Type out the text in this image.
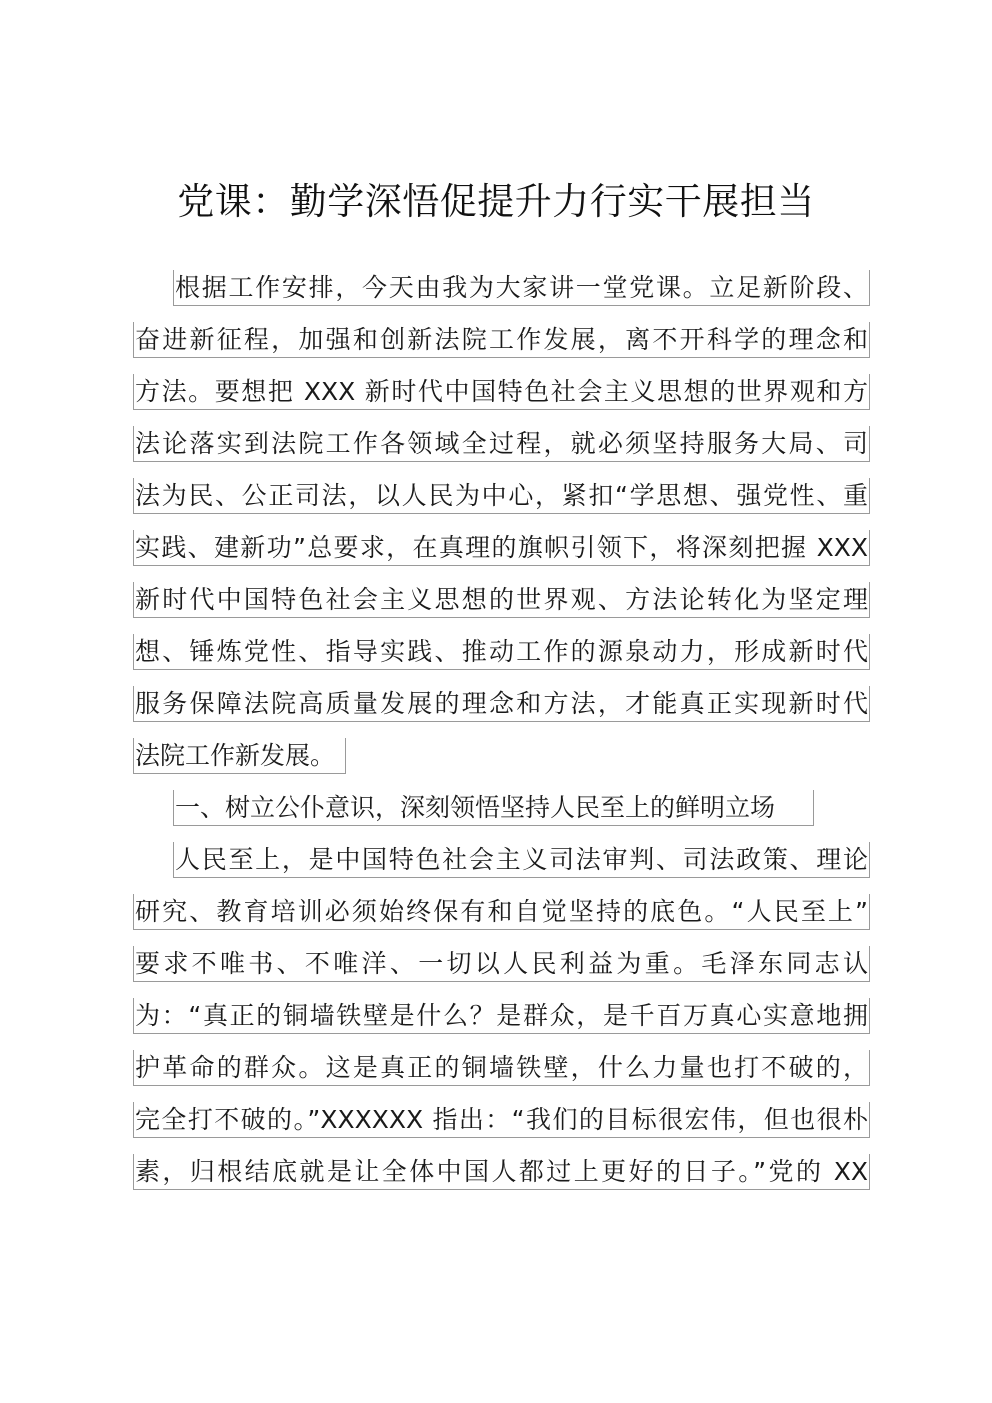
党课：勤学深悟促提升力行实干展担当
根据工作安排，今天由我为大家讲一堂党课。立足新阶段、
奋进新征程，加强和创新法院工作发展，离不开科学的理念和
方法。要想把 XXX 新时代中国特色社会主义思想的世界观和方
法论落实到法院工作各领域全过程，就必须坚持服务大局、司
法为民、公正司法，以人民为中心，紧扣“学思想、强党性、重
实践、建新功”总要求，在真理的旗帜引领下，将深刻把握 XXX
新时代中国特色社会主义思想的世界观、方法论转化为坚定理
想、锤炼党性、指导实践、推动工作的源泉动力，形成新时代
服务保障法院高质量发展的理念和方法，才能真正实现新时代
法院工作新发展。
一、树立公仆意识，深刻领悟坚持人民至上的鲜明立场
人民至上，是中国特色社会主义司法审判、司法政策、理论
研究、教育培训必须始终保有和自觉坚持的底色。“人民至上”
要求不唯书、不唯洋、一切以人民利益为重。毛泽东同志认
为：“真正的铜墙铁壁是什么？是群众，是千百万真心实意地拥
护革命的群众。这是真正的铜墙铁壁，什么力量也打不破的，
完全打不破的。”XXXXXX 指出：“我们的目标很宏伟，但也很朴
素，归根结底就是让全体中国人都过上更好的日子。”党的 XX
